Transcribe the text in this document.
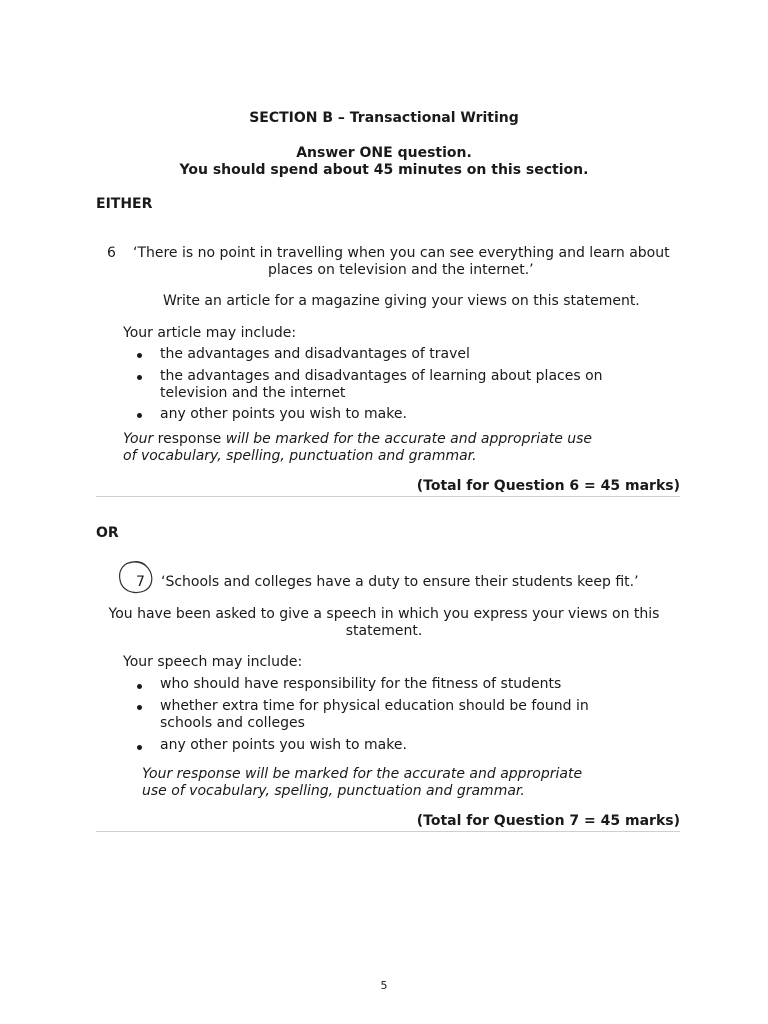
SECTION B – Transactional Writing
Answer ONE question.
You should spend about 45 minutes on this section.
EITHER
6 ‘There is no point in travelling when you can see everything and learn about
places on television and the internet.’
Write an article for a magazine giving your views on this statement.
Your article may include:
the advantages and disadvantages of travel
the advantages and disadvantages of learning about places on
television and the internet
any other points you wish to make.
Your response will be marked for the accurate and appropriate use
of vocabulary, spelling, punctuation and grammar.
(Total for Question 6 = 45 marks)
OR
7 ‘Schools and colleges have a duty to ensure their students keep fit.’
You have been asked to give a speech in which you express your views on this
statement.
Your speech may include:
who should have responsibility for the fitness of students
whether extra time for physical education should be found in
schools and colleges
any other points you wish to make.
Your response will be marked for the accurate and appropriate
use of vocabulary, spelling, punctuation and grammar.
(Total for Question 7 = 45 marks)
5
